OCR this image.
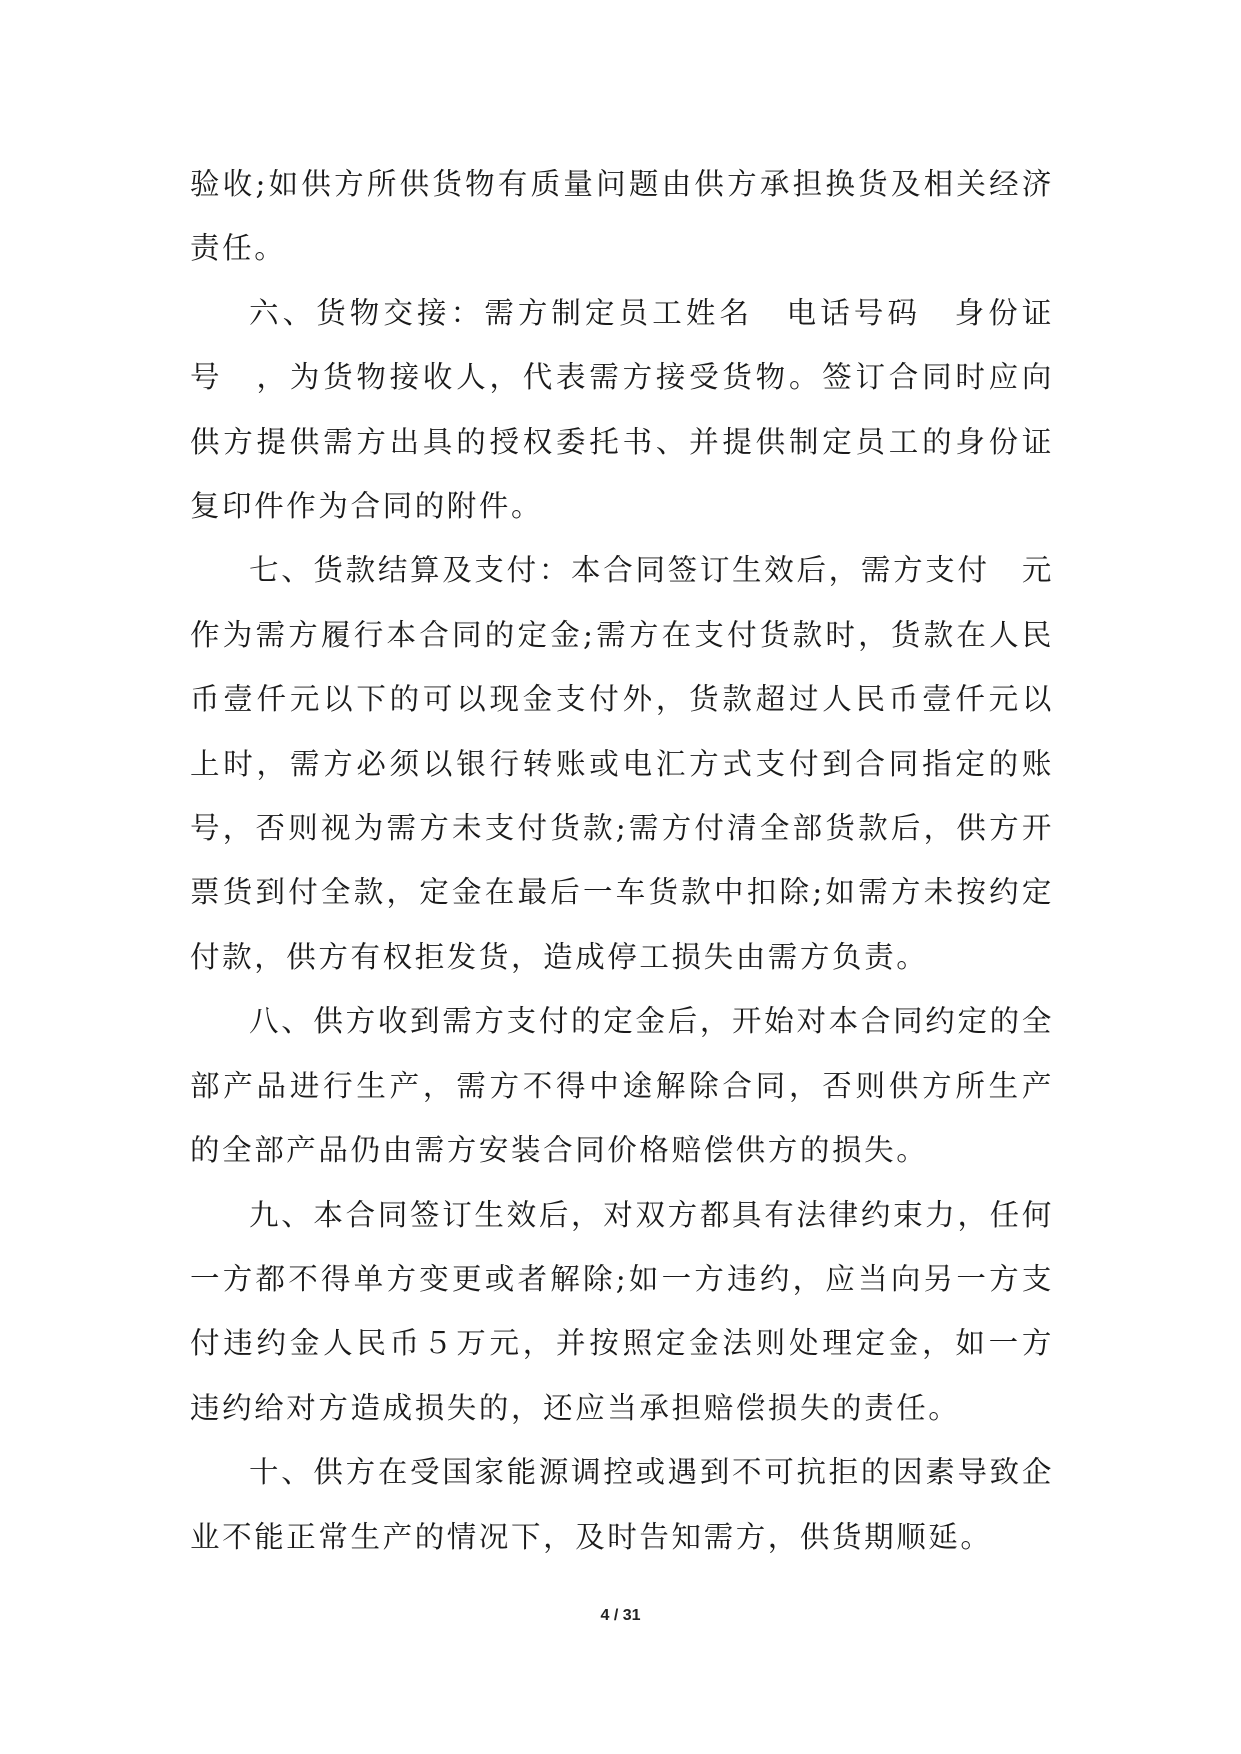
验收;如供方所供货物有质量问题由供方承担换货及相关经济责任。

六、货物交接：需方制定员工姓名　电话号码　身份证号　，为货物接收人，代表需方接受货物。签订合同时应向供方提供需方出具的授权委托书、并提供制定员工的身份证复印件作为合同的附件。

七、货款结算及支付：本合同签订生效后，需方支付　元作为需方履行本合同的定金;需方在支付货款时，货款在人民币壹仟元以下的可以现金支付外，货款超过人民币壹仟元以上时，需方必须以银行转账或电汇方式支付到合同指定的账号，否则视为需方未支付货款;需方付清全部货款后，供方开票货到付全款，定金在最后一车货款中扣除;如需方未按约定付款，供方有权拒发货，造成停工损失由需方负责。

八、供方收到需方支付的定金后，开始对本合同约定的全部产品进行生产，需方不得中途解除合同，否则供方所生产的全部产品仍由需方安装合同价格赔偿供方的损失。

九、本合同签订生效后，对双方都具有法律约束力，任何一方都不得单方变更或者解除;如一方违约，应当向另一方支付违约金人民币５万元，并按照定金法则处理定金，如一方违约给对方造成损失的，还应当承担赔偿损失的责任。

十、供方在受国家能源调控或遇到不可抗拒的因素导致企业不能正常生产的情况下，及时告知需方，供货期顺延。

4 / 31
